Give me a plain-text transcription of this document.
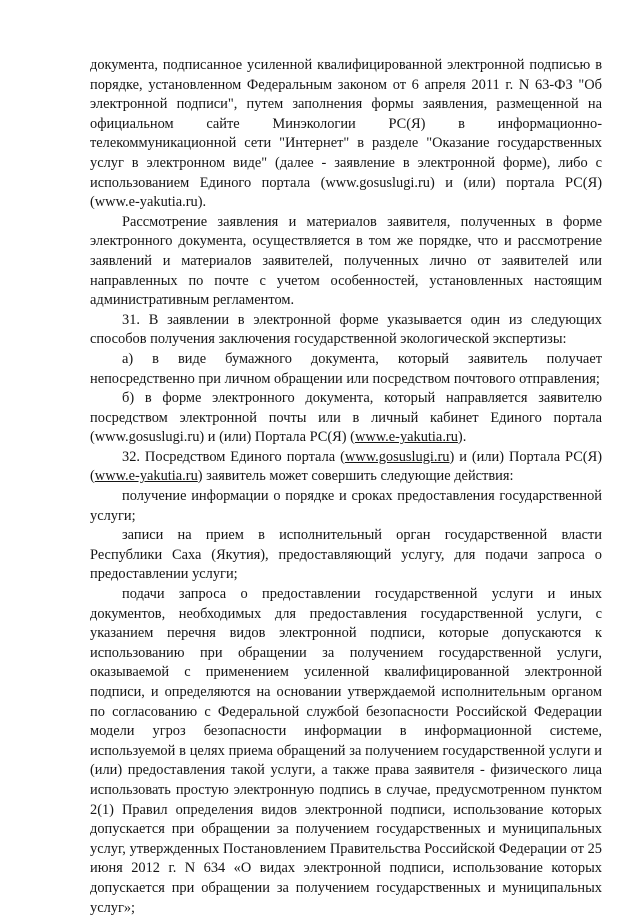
документа, подписанное усиленной квалифицированной электронной подписью в порядке, установленном Федеральным законом от 6 апреля 2011 г. N 63-ФЗ "Об электронной подписи", путем заполнения формы заявления, размещенной на официальном сайте Минэкологии РС(Я) в информационно-телекоммуникационной сети "Интернет" в разделе "Оказание государственных услуг в электронном виде" (далее - заявление в электронной форме), либо с использованием Единого портала (www.gosuslugi.ru) и (или) портала РС(Я) (www.e-yakutia.ru).

Рассмотрение заявления и материалов заявителя, полученных в форме электронного документа, осуществляется в том же порядке, что и рассмотрение заявлений и материалов заявителей, полученных лично от заявителей или направленных по почте с учетом особенностей, установленных настоящим административным регламентом.

31. В заявлении в электронной форме указывается один из следующих способов получения заключения государственной экологической экспертизы:

а) в виде бумажного документа, который заявитель получает непосредственно при личном обращении или посредством почтового отправления;

б) в форме электронного документа, который направляется заявителю посредством электронной почты или в личный кабинет Единого портала (www.gosuslugi.ru) и (или) Портала РС(Я) (www.e-yakutia.ru).

32. Посредством Единого портала (www.gosuslugi.ru) и (или) Портала РС(Я) (www.e-yakutia.ru) заявитель может совершить следующие действия:

получение информации о порядке и сроках предоставления государственной услуги;

записи на прием в исполнительный орган государственной власти Республики Саха (Якутия), предоставляющий услугу, для подачи запроса о предоставлении услуги;

подачи запроса о предоставлении государственной услуги и иных документов, необходимых для предоставления государственной услуги, с указанием перечня видов электронной подписи, которые допускаются к использованию при обращении за получением государственной услуги, оказываемой с применением усиленной квалифицированной электронной подписи, и определяются на основании утверждаемой исполнительным органом по согласованию с Федеральной службой безопасности Российской Федерации модели угроз безопасности информации в информационной системе, используемой в целях приема обращений за получением государственной услуги и (или) предоставления такой услуги, а также права заявителя - физического лица использовать простую электронную подпись в случае, предусмотренном пунктом 2(1) Правил определения видов электронной подписи, использование которых допускается при обращении за получением государственных и муниципальных услуг, утвержденных Постановлением Правительства Российской Федерации от 25 июня 2012 г. N 634 «О видах электронной подписи, использование которых допускается при обращении за получением государственных и муниципальных услуг»;
